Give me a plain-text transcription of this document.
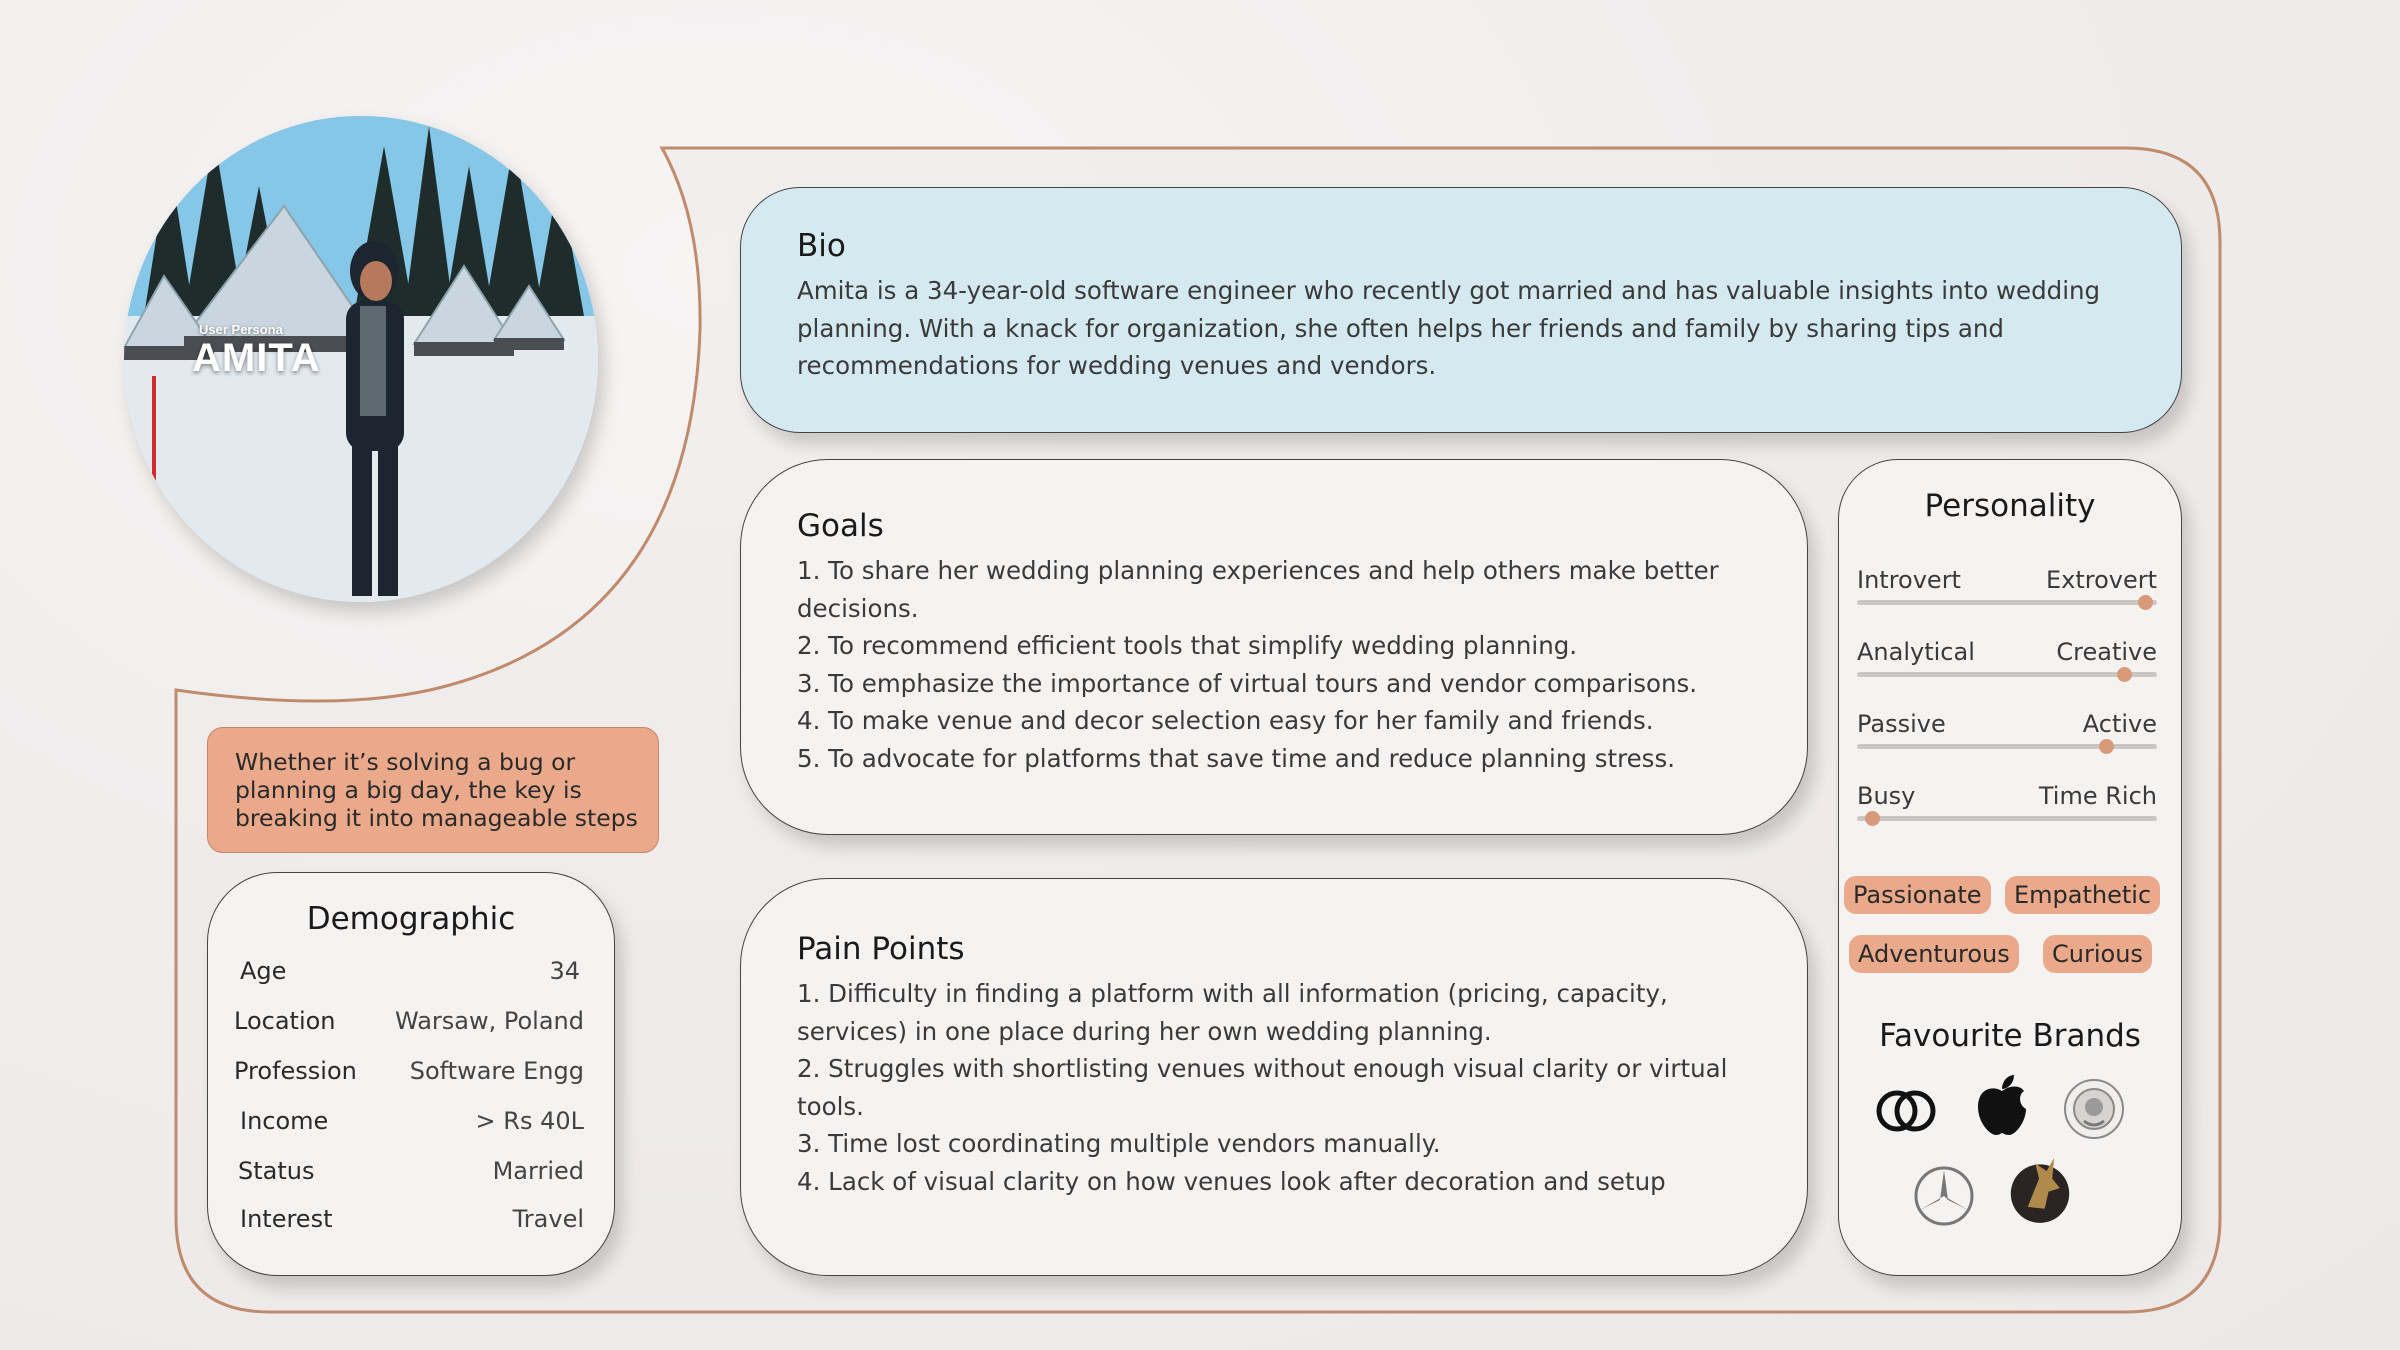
User Persona
AMITA
Whether it’s solving a bug or planning a big day, the key is breaking it into manageable steps
Bio

Amita is a 34-year-old software engineer who recently got married and has valuable insights into wedding planning. With a knack for organization, she often helps her friends and family by sharing tips and recommendations for wedding venues and vendors.

Goals
1. To share her wedding planning experiences and help others make better decisions.
2. To recommend efficient tools that simplify wedding planning.
3. To emphasize the importance of virtual tours and vendor comparisons.
4. To make venue and decor selection easy for her family and friends.
5. To advocate for platforms that save time and reduce planning stress.
Pain Points
1. Difficulty in finding a platform with all information (pricing, capacity, services) in one place during her own wedding planning.
2. Struggles with shortlisting venues without enough visual clarity or virtual tools.
3. Time lost coordinating multiple vendors manually.
4. Lack of visual clarity on how venues look after decoration and setup
Personality
Introvert	Extrovert
Analytical	Creative
Passive	Active
Busy	Time Rich
Passionate	Empathetic
Adventurous	Curious
Favourite Brands
Demographic
Age	34
Location Warsaw, Poland
Profession Software Engg
Income	> Rs 40L
Status	Married
Interest	Travel
